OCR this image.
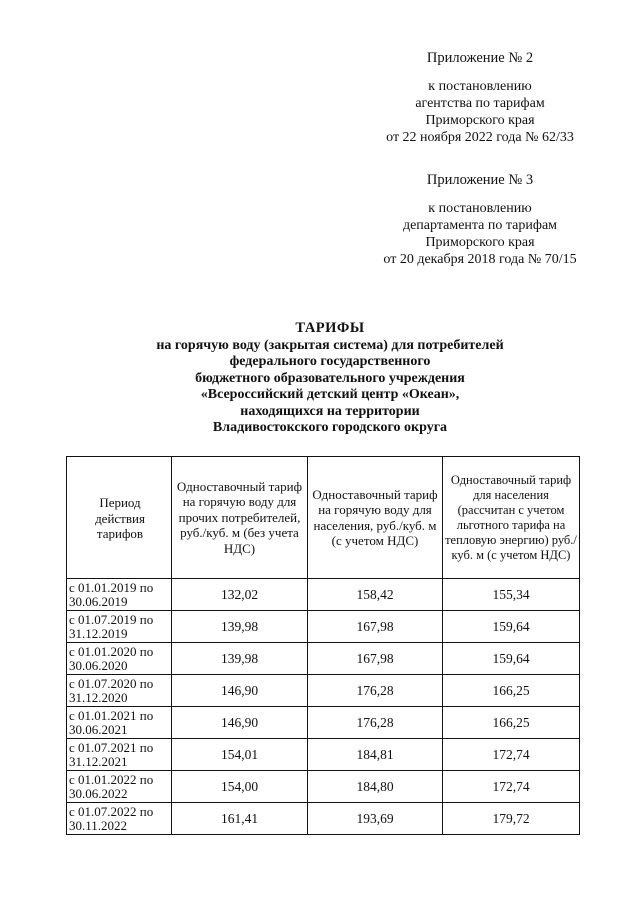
Приложение № 2
к постановлению
агентства по тарифам
Приморского края
от 22 ноября 2022 года № 62/33
Приложение № 3
к постановлению
департамента по тарифам
Приморского края
от 20 декабря 2018 года № 70/15
ТАРИФЫ
на горячую воду (закрытая система) для потребителей
федерального государственного
бюджетного образовательного учреждения
«Всероссийский детский центр «Океан»,
находящихся на территории
Владивостокского городского округа
Период действия тарифов	Одноставочный тариф на горячую воду для прочих потребителей, руб./куб. м (без учета НДС)	Одноставочный тариф на горячую воду для населения, руб./куб. м (с учетом НДС)	Одноставочный тариф для населения (рассчитан с учетом льготного тарифа на тепловую энергию) руб./куб. м (с учетом НДС)
с 01.01.2019 по 30.06.2019	132,02	158,42	155,34
с 01.07.2019 по 31.12.2019	139,98	167,98	159,64
с 01.01.2020 по 30.06.2020	139,98	167,98	159,64
с 01.07.2020 по 31.12.2020	146,90	176,28	166,25
с 01.01.2021 по 30.06.2021	146,90	176,28	166,25
с 01.07.2021 по 31.12.2021	154,01	184,81	172,74
с 01.01.2022 по 30.06.2022	154,00	184,80	172,74
с 01.07.2022 по 30.11.2022	161,41	193,69	179,72
